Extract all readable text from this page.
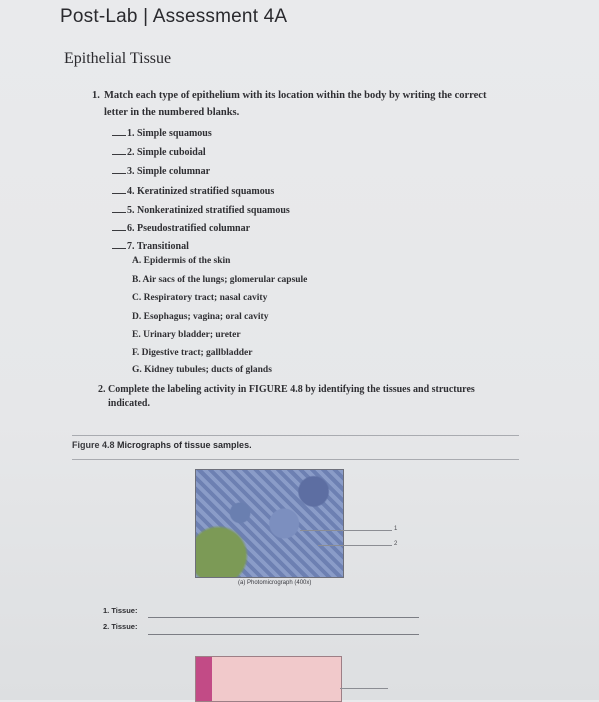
Post-Lab | Assessment 4A
Epithelial Tissue
1. Match each type of epithelium with its location within the body by writing the correct
letter in the numbered blanks.
1. Simple squamous
2. Simple cuboidal
3. Simple columnar
4. Keratinized stratified squamous
5. Nonkeratinized stratified squamous
6. Pseudostratified columnar
7. Transitional
A. Epidermis of the skin
B. Air sacs of the lungs; glomerular capsule
C. Respiratory tract; nasal cavity
D. Esophagus; vagina; oral cavity
E. Urinary bladder; ureter
F. Digestive tract; gallbladder
G. Kidney tubules; ducts of glands
2. Complete the labeling activity in FIGURE 4.8 by identifying the tissues and structures
indicated.
Figure 4.8 Micrographs of tissue samples.
1
2
(a) Photomicrograph (400x)
1. Tissue:
2. Tissue:
